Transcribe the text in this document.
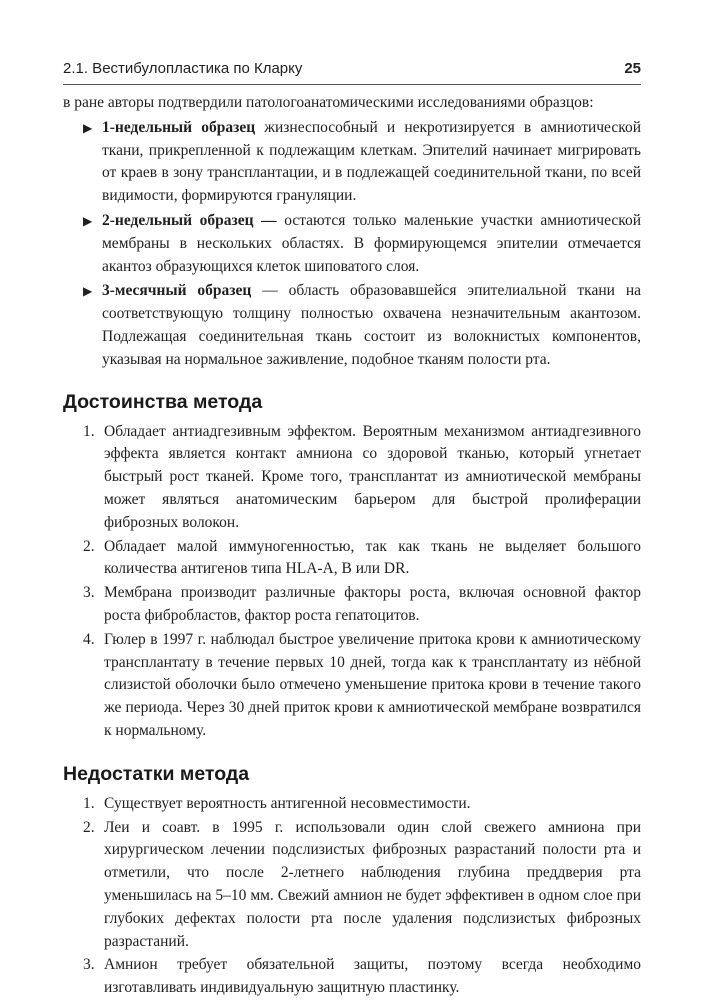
2.1. Вестибулопластика по Кларку	25

в ране авторы подтвердили патологоанатомическими исследованиями образцов:

▶ 1-недельный образец жизнеспособный и некротизируется в амниотической ткани, прикрепленной к подлежащим клеткам. Эпителий начинает мигрировать от краев в зону трансплантации, и в подлежащей соединительной ткани, по всей видимости, формируются грануляции.
▶ 2-недельный образец — остаются только маленькие участки амниотической мембраны в нескольких областях. В формирующемся эпителии отмечается акантоз образующихся клеток шиповатого слоя.
▶ 3-месячный образец — область образовавшейся эпителиальной ткани на соответствующую толщину полностью охвачена незначительным акантозом. Подлежащая соединительная ткань состоит из волокнистых компонентов, указывая на нормальное заживление, подобное тканям полости рта.
Достоинства метода
1. Обладает антиадгезивным эффектом. Вероятным механизмом антиадгезивного эффекта является контакт амниона со здоровой тканью, который угнетает быстрый рост тканей. Кроме того, трансплантат из амниотической мембраны может являться анатомическим барьером для быстрой пролиферации фиброзных волокон.
2. Обладает малой иммуногенностью, так как ткань не выделяет большого количества антигенов типа HLA-A, B или DR.
3. Мембрана производит различные факторы роста, включая основной фактор роста фибробластов, фактор роста гепатоцитов.
4. Гюлер в 1997 г. наблюдал быстрое увеличение притока крови к амниотическому трансплантату в течение первых 10 дней, тогда как к трансплантату из нёбной слизистой оболочки было отмечено уменьшение притока крови в течение такого же периода. Через 30 дней приток крови к амниотической мембране возвратился к нормальному.
Недостатки метода
1. Существует вероятность антигенной несовместимости.
2. Леи и соавт. в 1995 г. использовали один слой свежего амниона при хирургическом лечении подслизистых фиброзных разрастаний полости рта и отметили, что после 2-летнего наблюдения глубина преддверия рта уменьшилась на 5–10 мм. Свежий амнион не будет эффективен в одном слое при глубоких дефектах полости рта после удаления подслизистых фиброзных разрастаний.
3. Амнион требует обязательной защиты, поэтому всегда необходимо изготавливать индивидуальную защитную пластинку.
